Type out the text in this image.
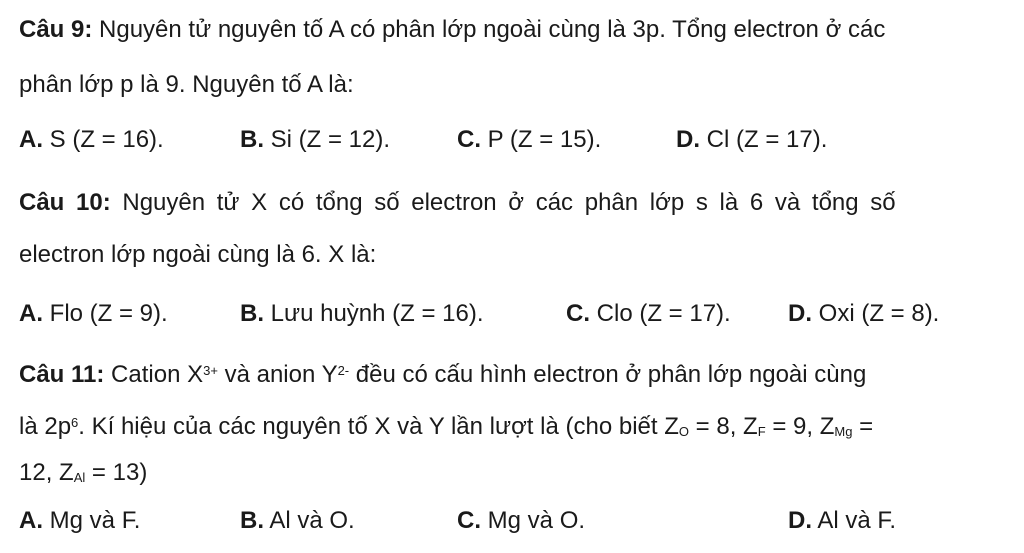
Câu 9: Nguyên tử nguyên tố A có phân lớp ngoài cùng là 3p. Tổng electron ở các
phân lớp p là 9. Nguyên tố A là:
A. S (Z = 16).	B. Si (Z = 12).	C. P (Z = 15).	D. Cl (Z = 17).
Câu 10: Nguyên tử X có tổng số electron ở các phân lớp s là 6 và tổng số
electron lớp ngoài cùng là 6. X là:
A. Flo (Z = 9).	B. Lưu huỳnh (Z = 16).	C. Clo (Z = 17). D. Oxi (Z = 8).
Câu 11: Cation $X^{3+}$ và anion $Y^{2-}$ đều có cấu hình electron ở phân lớp ngoài cùng
là $2p^6$. Kí hiệu của các nguyên tố X và Y lần lượt là (cho biết $Z_O = 8$, $Z_F = 9$, $Z_{Mg}$ =
12, $Z_{Al} = 13$)
A. Mg và F.	B. Al và O.	C. Mg và O.	D. Al và F.
